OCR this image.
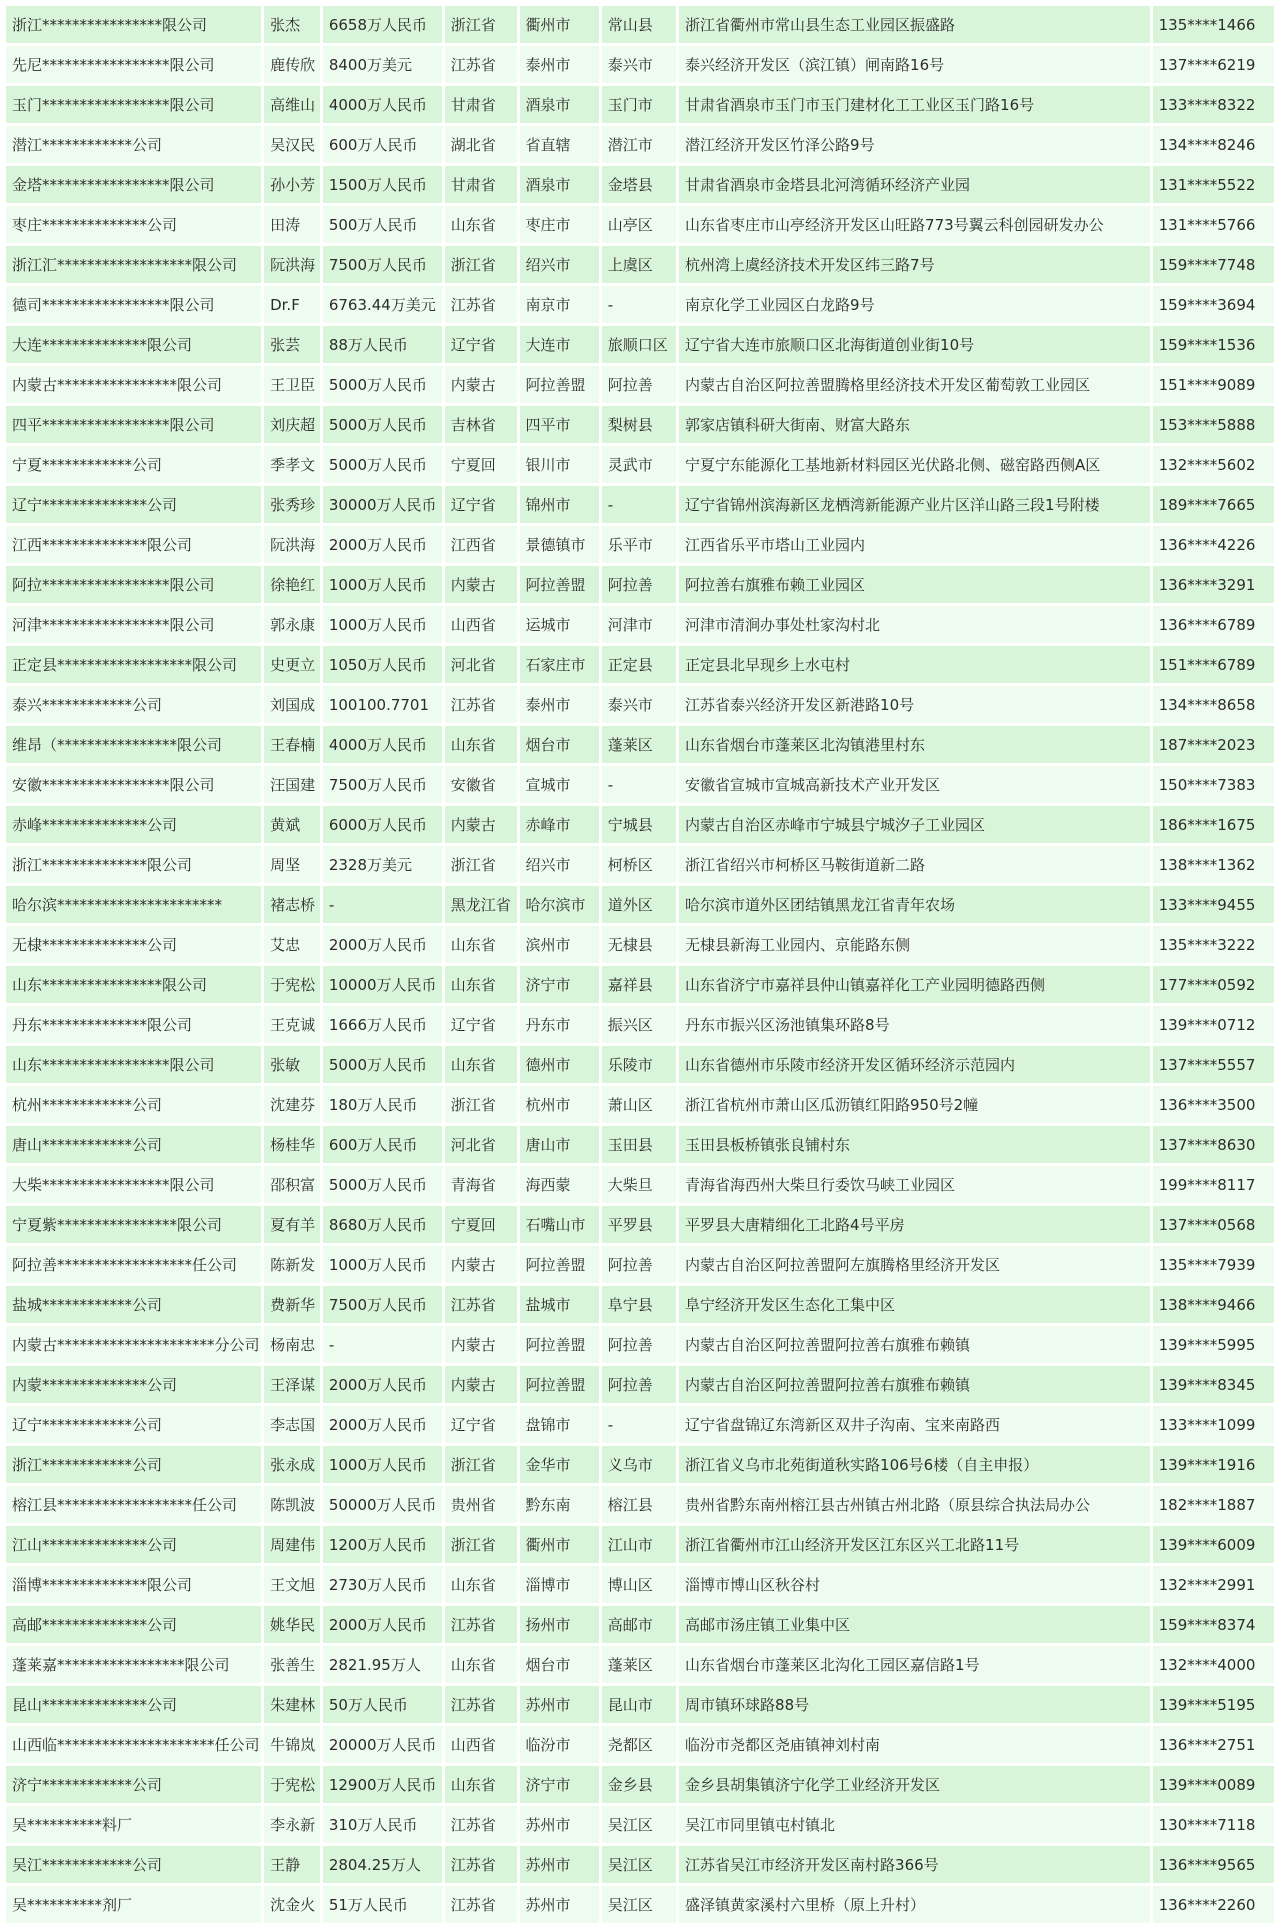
浙江****************限公司	张杰	6658万人民币	浙江省	衢州市	常山县	浙江省衢州市常山县生态工业园区振盛路	135****1466
先尼*****************限公司	鹿传欣	8400万美元	江苏省	泰州市	泰兴市	泰兴经济开发区（滨江镇）闸南路16号	137****6219
玉门*****************限公司	高维山	4000万人民币	甘肃省	酒泉市	玉门市	甘肃省酒泉市玉门市玉门建材化工工业区玉门路16号	133****8322
潜江************公司	吴汉民	600万人民币	湖北省	省直辖	潜江市	潜江经济开发区竹泽公路9号	134****8246
金塔*****************限公司	孙小芳	1500万人民币	甘肃省	酒泉市	金塔县	甘肃省酒泉市金塔县北河湾循环经济产业园	131****5522
枣庄**************公司	田涛	500万人民币	山东省	枣庄市	山亭区	山东省枣庄市山亭经济开发区山旺路773号翼云科创园研发办公	131****5766
浙江汇******************限公司	阮洪海	7500万人民币	浙江省	绍兴市	上虞区	杭州湾上虞经济技术开发区纬三路7号	159****7748
德司*****************限公司	Dr.F	6763.44万美元	江苏省	南京市	-	南京化学工业园区白龙路9号	159****3694
大连**************限公司	张芸	88万人民币	辽宁省	大连市	旅顺口区	辽宁省大连市旅顺口区北海街道创业街10号	159****1536
内蒙古****************限公司	王卫臣	5000万人民币	内蒙古	阿拉善盟	阿拉善	内蒙古自治区阿拉善盟腾格里经济技术开发区葡萄敦工业园区	151****9089
四平*****************限公司	刘庆超	5000万人民币	吉林省	四平市	梨树县	郭家店镇科研大街南、财富大路东	153****5888
宁夏************公司	季孝文	5000万人民币	宁夏回	银川市	灵武市	宁夏宁东能源化工基地新材料园区光伏路北侧、磁窑路西侧A区	132****5602
辽宁**************公司	张秀珍	30000万人民币	辽宁省	锦州市	-	辽宁省锦州滨海新区龙栖湾新能源产业片区洋山路三段1号附楼	189****7665
江西**************限公司	阮洪海	2000万人民币	江西省	景德镇市	乐平市	江西省乐平市塔山工业园内	136****4226
阿拉*****************限公司	徐艳红	1000万人民币	内蒙古	阿拉善盟	阿拉善	阿拉善右旗雅布赖工业园区	136****3291
河津*****************限公司	郭永康	1000万人民币	山西省	运城市	河津市	河津市清涧办事处杜家沟村北	136****6789
正定县******************限公司	史更立	1050万人民币	河北省	石家庄市	正定县	正定县北早现乡上水屯村	151****6789
泰兴************公司	刘国成	100100.7701	江苏省	泰州市	泰兴市	江苏省泰兴经济开发区新港路10号	134****8658
维昂（****************限公司	王春楠	4000万人民币	山东省	烟台市	蓬莱区	山东省烟台市蓬莱区北沟镇港里村东	187****2023
安徽*****************限公司	汪国建	7500万人民币	安徽省	宣城市	-	安徽省宣城市宣城高新技术产业开发区	150****7383
赤峰**************公司	黄斌	6000万人民币	内蒙古	赤峰市	宁城县	内蒙古自治区赤峰市宁城县宁城汐子工业园区	186****1675
浙江**************限公司	周坚	2328万美元	浙江省	绍兴市	柯桥区	浙江省绍兴市柯桥区马鞍街道新二路	138****1362
哈尔滨**********************	褚志桥	-	黑龙江省	哈尔滨市	道外区	哈尔滨市道外区团结镇黑龙江省青年农场	133****9455
无棣**************公司	艾忠	2000万人民币	山东省	滨州市	无棣县	无棣县新海工业园内、京能路东侧	135****3222
山东****************限公司	于宪松	10000万人民币	山东省	济宁市	嘉祥县	山东省济宁市嘉祥县仲山镇嘉祥化工产业园明德路西侧	177****0592
丹东**************限公司	王克诚	1666万人民币	辽宁省	丹东市	振兴区	丹东市振兴区汤池镇集环路8号	139****0712
山东*****************限公司	张敏	5000万人民币	山东省	德州市	乐陵市	山东省德州市乐陵市经济开发区循环经济示范园内	137****5557
杭州************公司	沈建芬	180万人民币	浙江省	杭州市	萧山区	浙江省杭州市萧山区瓜沥镇红阳路950号2幢	136****3500
唐山************公司	杨桂华	600万人民币	河北省	唐山市	玉田县	玉田县板桥镇张良铺村东	137****8630
大柴*****************限公司	邵积富	5000万人民币	青海省	海西蒙	大柴旦	青海省海西州大柴旦行委饮马峡工业园区	199****8117
宁夏紫****************限公司	夏有羊	8680万人民币	宁夏回	石嘴山市	平罗县	平罗县大唐精细化工北路4号平房	137****0568
阿拉善******************任公司	陈新发	1000万人民币	内蒙古	阿拉善盟	阿拉善	内蒙古自治区阿拉善盟阿左旗腾格里经济开发区	135****7939
盐城************公司	费新华	7500万人民币	江苏省	盐城市	阜宁县	阜宁经济开发区生态化工集中区	138****9466
内蒙古*********************分公司	杨南忠	-	内蒙古	阿拉善盟	阿拉善	内蒙古自治区阿拉善盟阿拉善右旗雅布赖镇	139****5995
内蒙**************公司	王泽谋	2000万人民币	内蒙古	阿拉善盟	阿拉善	内蒙古自治区阿拉善盟阿拉善右旗雅布赖镇	139****8345
辽宁************公司	李志国	2000万人民币	辽宁省	盘锦市	-	辽宁省盘锦辽东湾新区双井子沟南、宝来南路西	133****1099
浙江************公司	张永成	1000万人民币	浙江省	金华市	义乌市	浙江省义乌市北苑街道秋实路106号6楼（自主申报）	139****1916
榕江县******************任公司	陈凯波	50000万人民币	贵州省	黔东南	榕江县	贵州省黔东南州榕江县古州镇古州北路（原县综合执法局办公	182****1887
江山**************公司	周建伟	1200万人民币	浙江省	衢州市	江山市	浙江省衢州市江山经济开发区江东区兴工北路11号	139****6009
淄博**************限公司	王文旭	2730万人民币	山东省	淄博市	博山区	淄博市博山区秋谷村	132****2991
高邮**************公司	姚华民	2000万人民币	江苏省	扬州市	高邮市	高邮市汤庄镇工业集中区	159****8374
蓬莱嘉*****************限公司	张善生	2821.95万人	山东省	烟台市	蓬莱区	山东省烟台市蓬莱区北沟化工园区嘉信路1号	132****4000
昆山**************公司	朱建林	50万人民币	江苏省	苏州市	昆山市	周市镇环球路88号	139****5195
山西临*********************任公司	牛锦岚	20000万人民币	山西省	临汾市	尧都区	临汾市尧都区尧庙镇神刘村南	136****2751
济宁************公司	于宪松	12900万人民币	山东省	济宁市	金乡县	金乡县胡集镇济宁化学工业经济开发区	139****0089
吴**********料厂	李永新	310万人民币	江苏省	苏州市	吴江区	吴江市同里镇屯村镇北	130****7118
吴江************公司	王静	2804.25万人	江苏省	苏州市	吴江区	江苏省吴江市经济开发区南村路366号	136****9565
吴**********剂厂	沈金火	51万人民币	江苏省	苏州市	吴江区	盛泽镇黄家溪村六里桥（原上升村）	136****2260
